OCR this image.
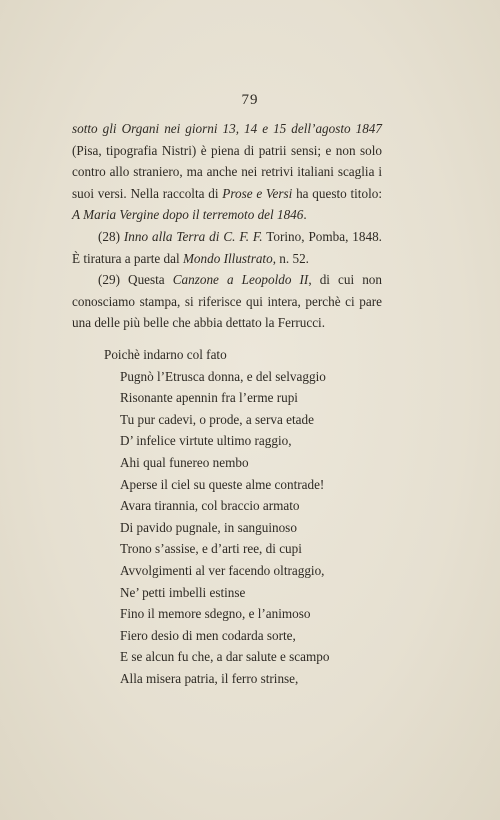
79

sotto gli Organi nei giorni 13, 14 e 15 dell’agosto 1847 (Pisa, tipografia Nistri) è piena di patrii sensi; e non solo contro allo straniero, ma anche nei retrivi italiani scaglia i suoi versi. Nella raccolta di Prose e Versi ha questo titolo: A Maria Vergine dopo il terremoto del 1846.

(28) Inno alla Terra di C. F. F. Torino, Pomba, 1848. È tiratura a parte dal Mondo Illustrato, n. 52.

(29) Questa Canzone a Leopoldo II, di cui non conosciamo stampa, si riferisce qui intera, perchè ci pare una delle più belle che abbia dettato la Ferrucci.

Poichè indarno col fato
Pugnò l’Etrusca donna, e del selvaggio
Risonante apennin fra l’erme rupi
Tu pur cadevi, o prode, a serva etade
D’ infelice virtute ultimo raggio,
Ahi qual funereo nembo
Aperse il ciel su queste alme contrade!
Avara tirannia, col braccio armato
Di pavido pugnale, in sanguinoso
Trono s’assise, e d’arti ree, di cupi
Avvolgimenti al ver facendo oltraggio,
Ne’ petti imbelli estinse
Fino il memore sdegno, e l’animoso
Fiero desio di men codarda sorte,
E se alcun fu che, a dar salute e scampo
Alla misera patria, il ferro strinse,
